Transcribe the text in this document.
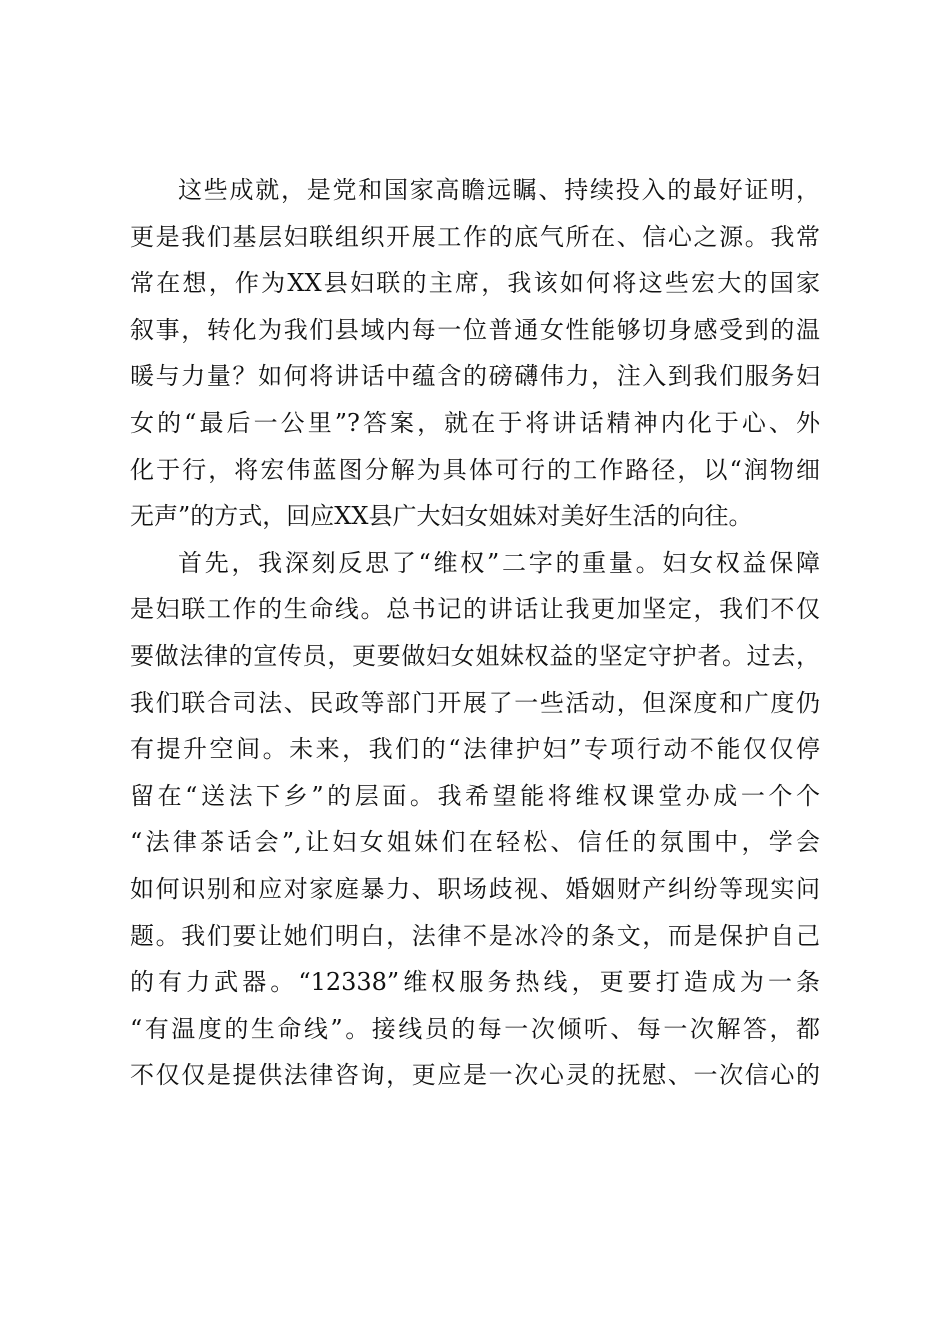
这些成就，是党和国家高瞻远瞩、持续投入的最好证明，
更是我们基层妇联组织开展工作的底气所在、信心之源。我常
常在想，作为XX县妇联的主席，我该如何将这些宏大的国家
叙事，转化为我们县域内每一位普通女性能够切身感受到的温
暖与力量？如何将讲话中蕴含的磅礴伟力，注入到我们服务妇
女的“最后一公里”?答案，就在于将讲话精神内化于心、外
化于行，将宏伟蓝图分解为具体可行的工作路径，以“润物细
无声”的方式，回应XX县广大妇女姐妹对美好生活的向往。
首先，我深刻反思了“维权”二字的重量。妇女权益保障
是妇联工作的生命线。总书记的讲话让我更加坚定，我们不仅
要做法律的宣传员，更要做妇女姐妹权益的坚定守护者。过去，
我们联合司法、民政等部门开展了一些活动，但深度和广度仍
有提升空间。未来，我们的“法律护妇”专项行动不能仅仅停
留在“送法下乡”的层面。我希望能将维权课堂办成一个个
“法律茶话会”,让妇女姐妹们在轻松、信任的氛围中，学会
如何识别和应对家庭暴力、职场歧视、婚姻财产纠纷等现实问
题。我们要让她们明白，法律不是冰冷的条文，而是保护自己
的有力武器。“12338”维权服务热线，更要打造成为一条
“有温度的生命线”。接线员的每一次倾听、每一次解答，都
不仅仅是提供法律咨询，更应是一次心灵的抚慰、一次信心的
